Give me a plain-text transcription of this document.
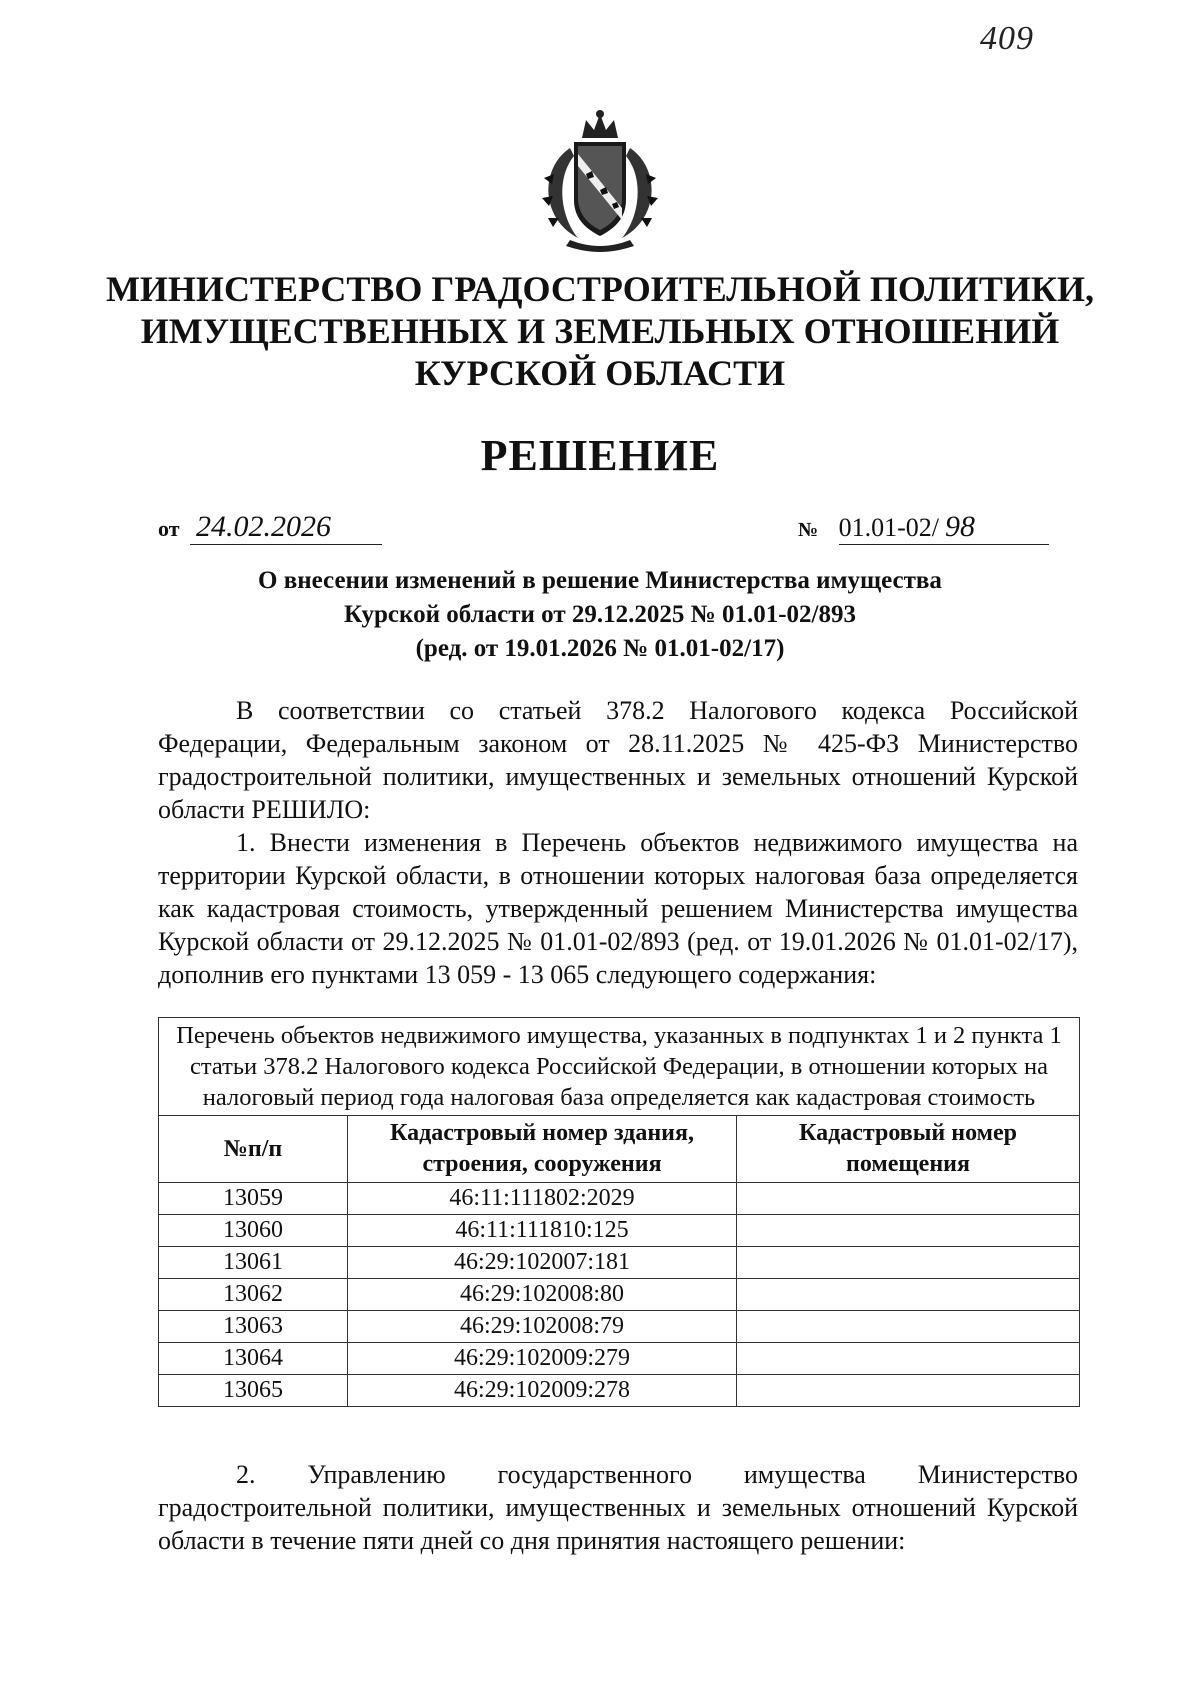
409
МИНИСТЕРСТВО ГРАДОСТРОИТЕЛЬНОЙ ПОЛИТИКИ,
ИМУЩЕСТВЕННЫХ И ЗЕМЕЛЬНЫХ ОТНОШЕНИЙ
КУРСКОЙ ОБЛАСТИ
РЕШЕНИЕ
от 24.02.2026	№ 01.01-02/ 98
О внесении изменений в решение Министерства имущества
Курской области от 29.12.2025 № 01.01-02/893
(ред. от 19.01.2026 № 01.01-02/17)

В соответствии со статьей 378.2 Налогового кодекса Российской Федерации, Федеральным законом от 28.11.2025 № 425-ФЗ Министерство градостроительной политики, имущественных и земельных отношений Курской области РЕШИЛО:

1. Внести изменения в Перечень объектов недвижимого имущества на территории Курской области, в отношении которых налоговая база определяется как кадастровая стоимость, утвержденный решением Министерства имущества Курской области от 29.12.2025 № 01.01-02/893 (ред. от 19.01.2026 № 01.01-02/17), дополнив его пунктами 13 059 - 13 065 следующего содержания:

Перечень объектов недвижимого имущества, указанных в подпунктах 1 и 2 пункта 1 статьи 378.2 Налогового кодекса Российской Федерации, в отношении которых на налоговый период года налоговая база определяется как кадастровая стоимость		
№п/п	Кадастровый номер здания, строения, сооружения	Кадастровый номер помещения
13059	46:11:111802:2029	
13060	46:11:111810:125	
13061	46:29:102007:181	
13062	46:29:102008:80	
13063	46:29:102008:79	
13064	46:29:102009:279	
13065	46:29:102009:278	

2. Управлению государственного имущества Министерство градостроительной политики, имущественных и земельных отношений Курской области в течение пяти дней со дня принятия настоящего решении:
